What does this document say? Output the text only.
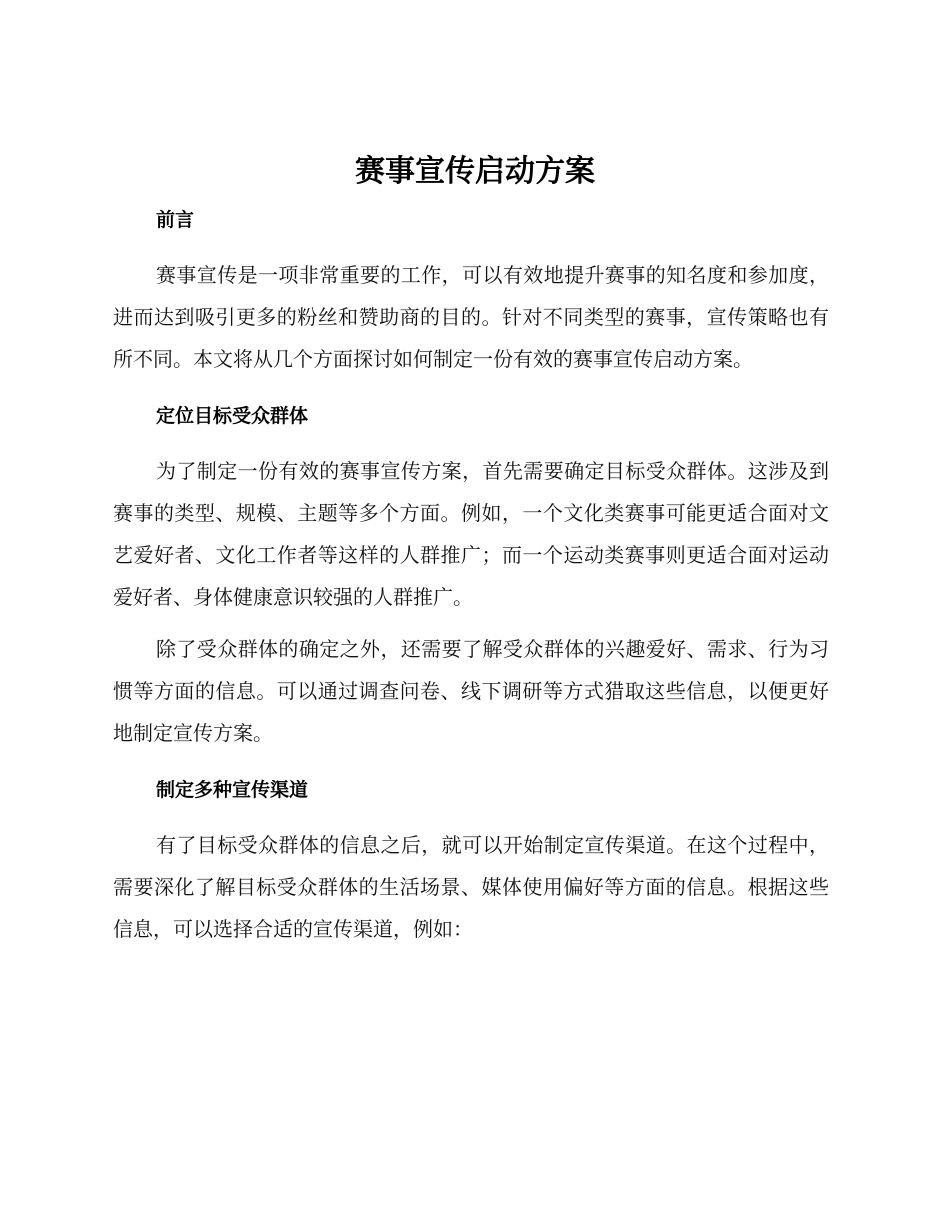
赛事宣传启动方案
前言

赛事宣传是一项非常重要的工作，可以有效地提升赛事的知名度和参加度，进而达到吸引更多的粉丝和赞助商的目的。针对不同类型的赛事，宣传策略也有所不同。本文将从几个方面探讨如何制定一份有效的赛事宣传启动方案。

定位目标受众群体

为了制定一份有效的赛事宣传方案，首先需要确定目标受众群体。这涉及到赛事的类型、规模、主题等多个方面。例如，一个文化类赛事可能更适合面对文艺爱好者、文化工作者等这样的人群推广；而一个运动类赛事则更适合面对运动爱好者、身体健康意识较强的人群推广。

除了受众群体的确定之外，还需要了解受众群体的兴趣爱好、需求、行为习惯等方面的信息。可以通过调查问卷、线下调研等方式猎取这些信息，以便更好地制定宣传方案。

制定多种宣传渠道

有了目标受众群体的信息之后，就可以开始制定宣传渠道。在这个过程中，需要深化了解目标受众群体的生活场景、媒体使用偏好等方面的信息。根据这些信息，可以选择合适的宣传渠道，例如：
